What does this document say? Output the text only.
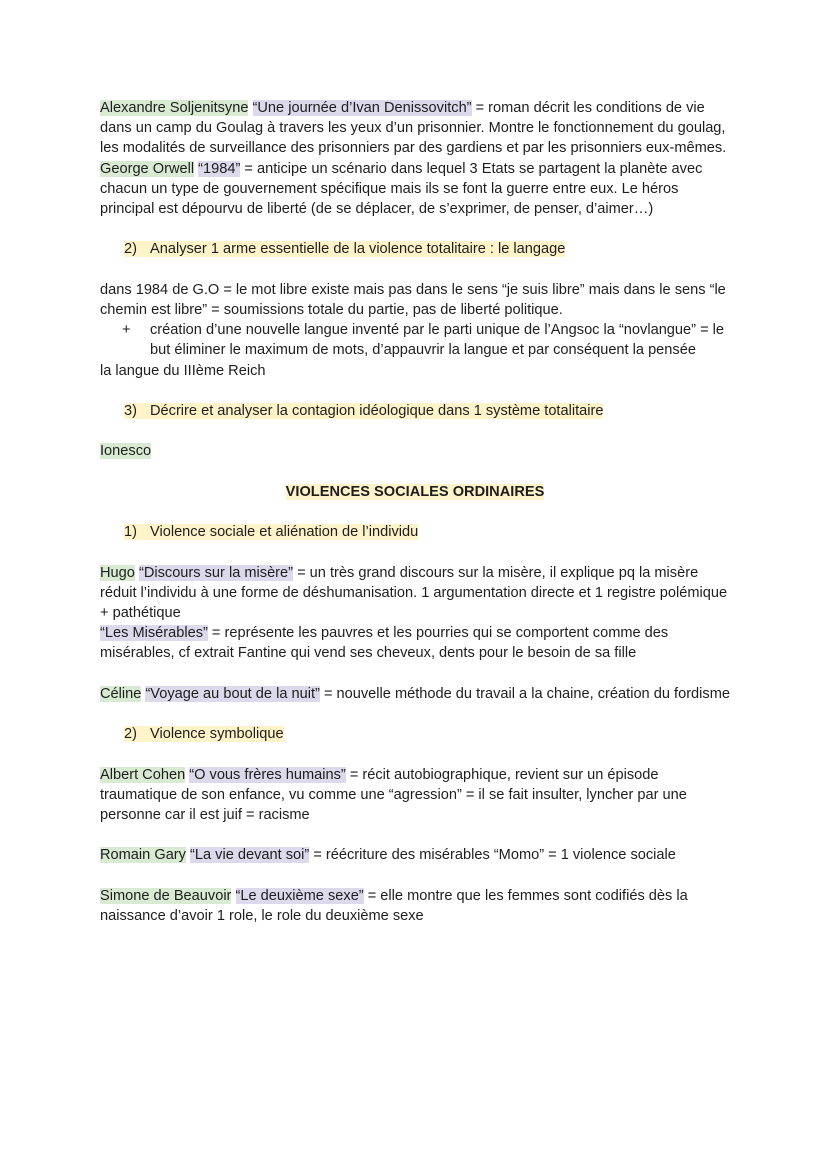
Alexandre Soljenitsyne “Une journée d’Ivan Denissovitch” = roman décrit les conditions de vie dans un camp du Goulag à travers les yeux d’un prisonnier. Montre le fonctionnement du goulag, les modalités de surveillance des prisonniers par des gardiens et par les prisonniers eux-mêmes.

George Orwell “1984” = anticipe un scénario dans lequel 3 Etats se partagent la planète avec chacun un type de gouvernement spécifique mais ils se font la guerre entre eux. Le héros principal est dépourvu de liberté (de se déplacer, de s’exprimer, de penser, d’aimer…)

2) Analyser 1 arme essentielle de la violence totalitaire : le langage

dans 1984 de G.O = le mot libre existe mais pas dans le sens “je suis libre” mais dans le sens “le chemin est libre” = soumissions totale du partie, pas de liberté politique.

+	création d’une nouvelle langue inventé par le parti unique de l’Angsoc la “novlangue” = le but éliminer le maximum de mots, d’appauvrir la langue et par conséquent la pensée

la langue du IIIème Reich

3) Décrire et analyser la contagion idéologique dans 1 système totalitaire

Ionesco

VIOLENCES SOCIALES ORDINAIRES

1) Violence sociale et aliénation de l’individu

Hugo “Discours sur la misère” = un très grand discours sur la misère, il explique pq la misère réduit l’individu à une forme de déshumanisation. 1 argumentation directe et 1 registre polémique + pathétique

“Les Misérables” = représente les pauvres et les pourries qui se comportent comme des misérables, cf extrait Fantine qui vend ses cheveux, dents pour le besoin de sa fille

Céline “Voyage au bout de la nuit” = nouvelle méthode du travail a la chaine, création du fordisme

2) Violence symbolique

Albert Cohen “O vous frères humains” = récit autobiographique, revient sur un épisode traumatique de son enfance, vu comme une “agression” = il se fait insulter, lyncher par une personne car il est juif = racisme

Romain Gary “La vie devant soi” = réécriture des misérables “Momo” = 1 violence sociale

Simone de Beauvoir “Le deuxième sexe” = elle montre que les femmes sont codifiés dès la naissance d’avoir 1 role, le role du deuxième sexe
